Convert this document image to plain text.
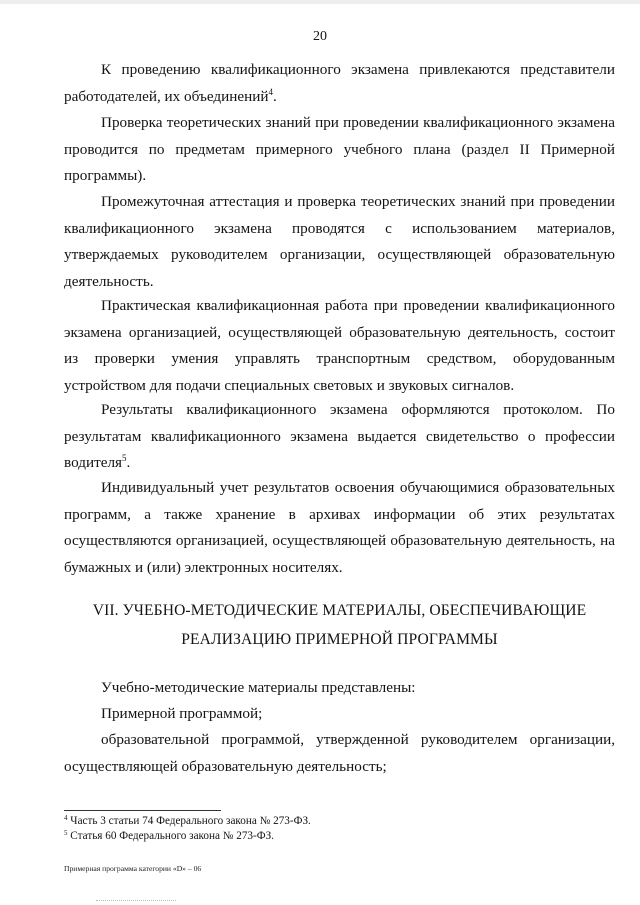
20
К проведению квалификационного экзамена привлекаются представители работодателей, их объединений$^4$.
Проверка теоретических знаний при проведении квалификационного экзамена проводится по предметам примерного учебного плана (раздел II Примерной программы).
Промежуточная аттестация и проверка теоретических знаний при проведении квалификационного экзамена проводятся с использованием материалов, утверждаемых руководителем организации, осуществляющей образовательную деятельность.
Практическая квалификационная работа при проведении квалификационного экзамена организацией, осуществляющей образовательную деятельность, состоит из проверки умения управлять транспортным средством, оборудованным устройством для подачи специальных световых и звуковых сигналов.
Результаты квалификационного экзамена оформляются протоколом. По результатам квалификационного экзамена выдается свидетельство о профессии водителя$^5$.
Индивидуальный учет результатов освоения обучающимися образовательных программ, а также хранение в архивах информации об этих результатах осуществляются организацией, осуществляющей образовательную деятельность, на бумажных и (или) электронных носителях.
VII. УЧЕБНО-МЕТОДИЧЕСКИЕ МАТЕРИАЛЫ, ОБЕСПЕЧИВАЮЩИЕ
РЕАЛИЗАЦИЮ ПРИМЕРНОЙ ПРОГРАММЫ
Учебно-методические материалы представлены:
Примерной программой;
образовательной программой, утвержденной руководителем организации, осуществляющей образовательную деятельность;
$^4$ Часть 3 статьи 74 Федерального закона № 273-ФЗ.
$^5$ Статья 60 Федерального закона № 273-ФЗ.
Примерная программа категории «D» – 06
